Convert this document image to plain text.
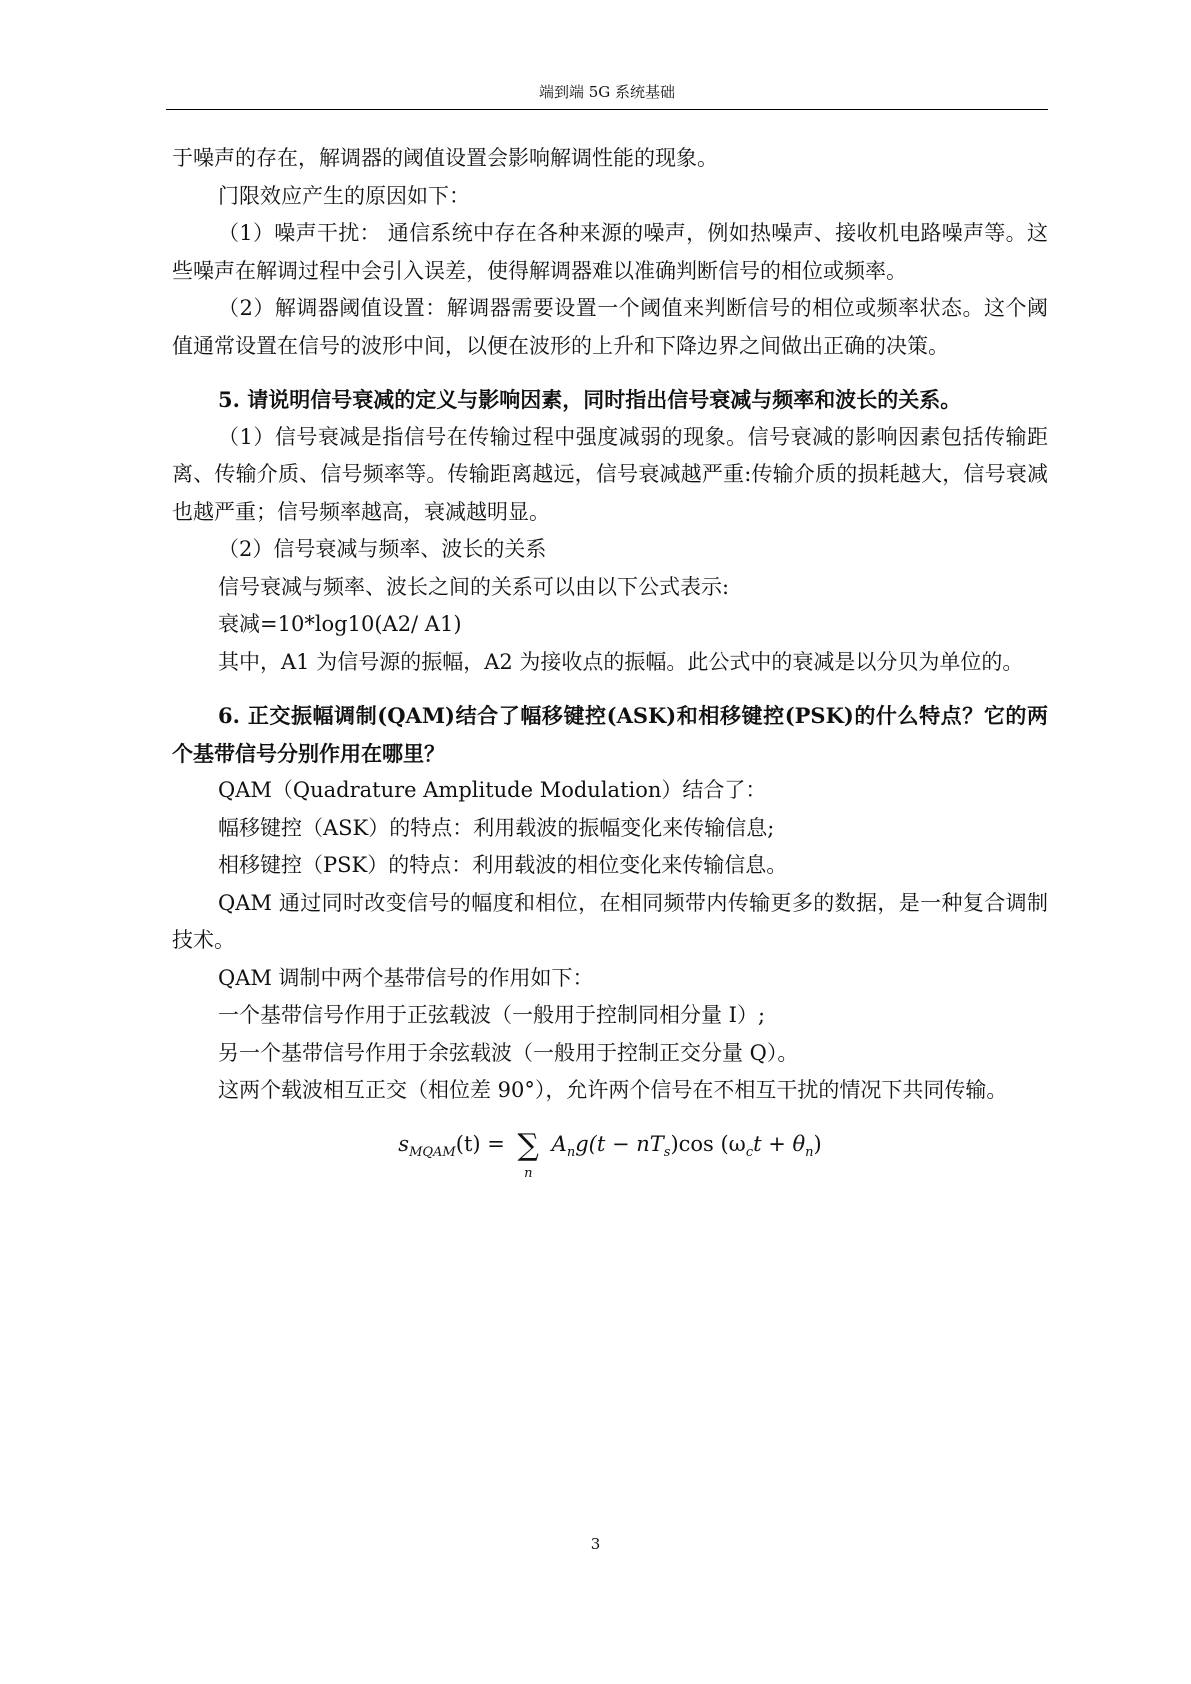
端到端 5G 系统基础

于噪声的存在，解调器的阈值设置会影响解调性能的现象。

门限效应产生的原因如下：

（1）噪声干扰： 通信系统中存在各种来源的噪声，例如热噪声、接收机电路噪声等。这些噪声在解调过程中会引入误差，使得解调器难以准确判断信号的相位或频率。

（2）解调器阈值设置：解调器需要设置一个阈值来判断信号的相位或频率状态。这个阈值通常设置在信号的波形中间，以便在波形的上升和下降边界之间做出正确的决策。

5. 请说明信号衰减的定义与影响因素，同时指出信号衰减与频率和波长的关系。

（1）信号衰减是指信号在传输过程中强度减弱的现象。信号衰减的影响因素包括传输距离、传输介质、信号频率等。传输距离越远，信号衰减越严重:传输介质的损耗越大，信号衰减也越严重；信号频率越高，衰减越明显。

（2）信号衰减与频率、波长的关系

信号衰减与频率、波长之间的关系可以由以下公式表示:

衰减=10*log10(A2/ A1)

其中，A1 为信号源的振幅，A2 为接收点的振幅。此公式中的衰减是以分贝为单位的。

6. 正交振幅调制(QAM)结合了幅移键控(ASK)和相移键控(PSK)的什么特点？它的两个基带信号分别作用在哪里？

QAM（Quadrature Amplitude Modulation）结合了：

幅移键控（ASK）的特点：利用载波的振幅变化来传输信息;

相移键控（PSK）的特点：利用载波的相位变化来传输信息。

QAM 通过同时改变信号的幅度和相位，在相同频带内传输更多的数据，是一种复合调制技术。

QAM 调制中两个基带信号的作用如下：

一个基带信号作用于正弦载波（一般用于控制同相分量 I）;

另一个基带信号作用于余弦载波（一般用于控制正交分量 Q）。

这两个载波相互正交（相位差 90°），允许两个信号在不相互干扰的情况下共同传输。

$s_{MQAM}(t)$ = ∑
n
$A_ng(t - nT_s)\cos$ $(\omega_ct + \theta_n)$
3
